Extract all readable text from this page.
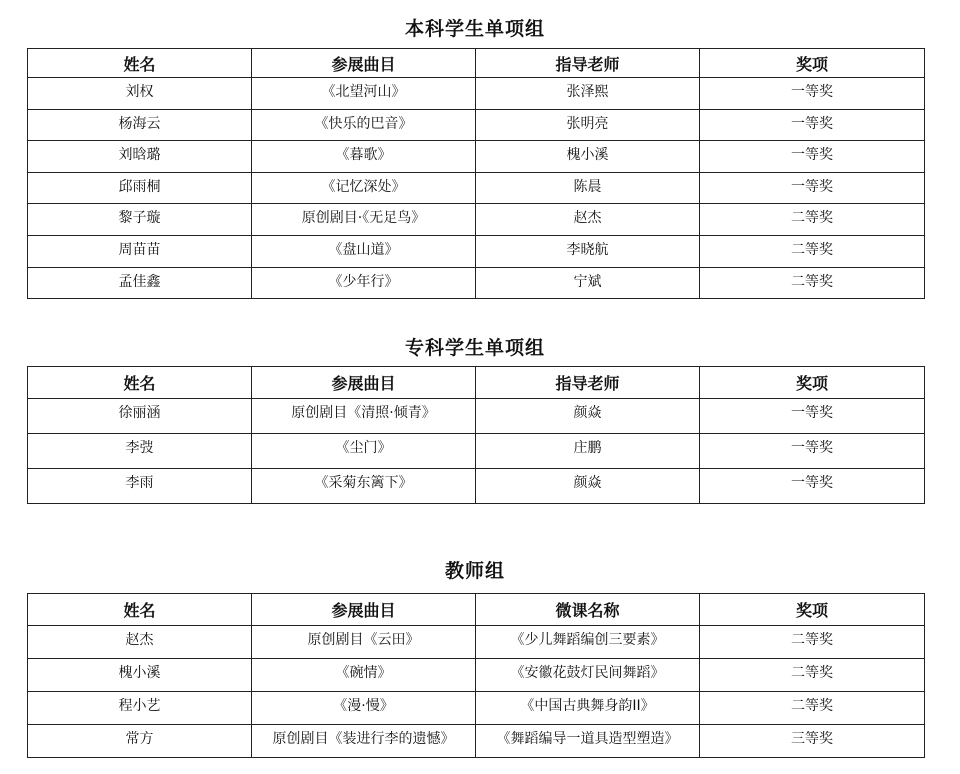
本科学生单项组
姓名	参展曲目	指导老师	奖项
刘权	《北望河山》	张泽熙	一等奖
杨海云	《快乐的巴音》	张明亮	一等奖
刘晗璐	《暮歌》	槐小溪	一等奖
邱雨桐	《记忆深处》	陈晨	一等奖
黎子璇	原创剧目·《无足鸟》	赵杰	二等奖
周苗苗	《盘山道》	李晓航	二等奖
孟佳鑫	《少年行》	宁斌	二等奖
专科学生单项组
姓名	参展曲目	指导老师	奖项
徐丽涵	原创剧目《清照·倾青》	颜焱	一等奖
李弢	《尘门》	庄鹏	一等奖
李雨	《采菊东篱下》	颜焱	一等奖
教师组
姓名	参展曲目	微课名称	奖项
赵杰	原创剧目《云田》	《少儿舞蹈编创三要素》	二等奖
槐小溪	《碗情》	《安徽花鼓灯民间舞蹈》	二等奖
程小艺	《漫·慢》	《中国古典舞身韵II》	二等奖
常方	原创剧目《装进行李的遗憾》	《舞蹈编导一道具造型塑造》	三等奖
